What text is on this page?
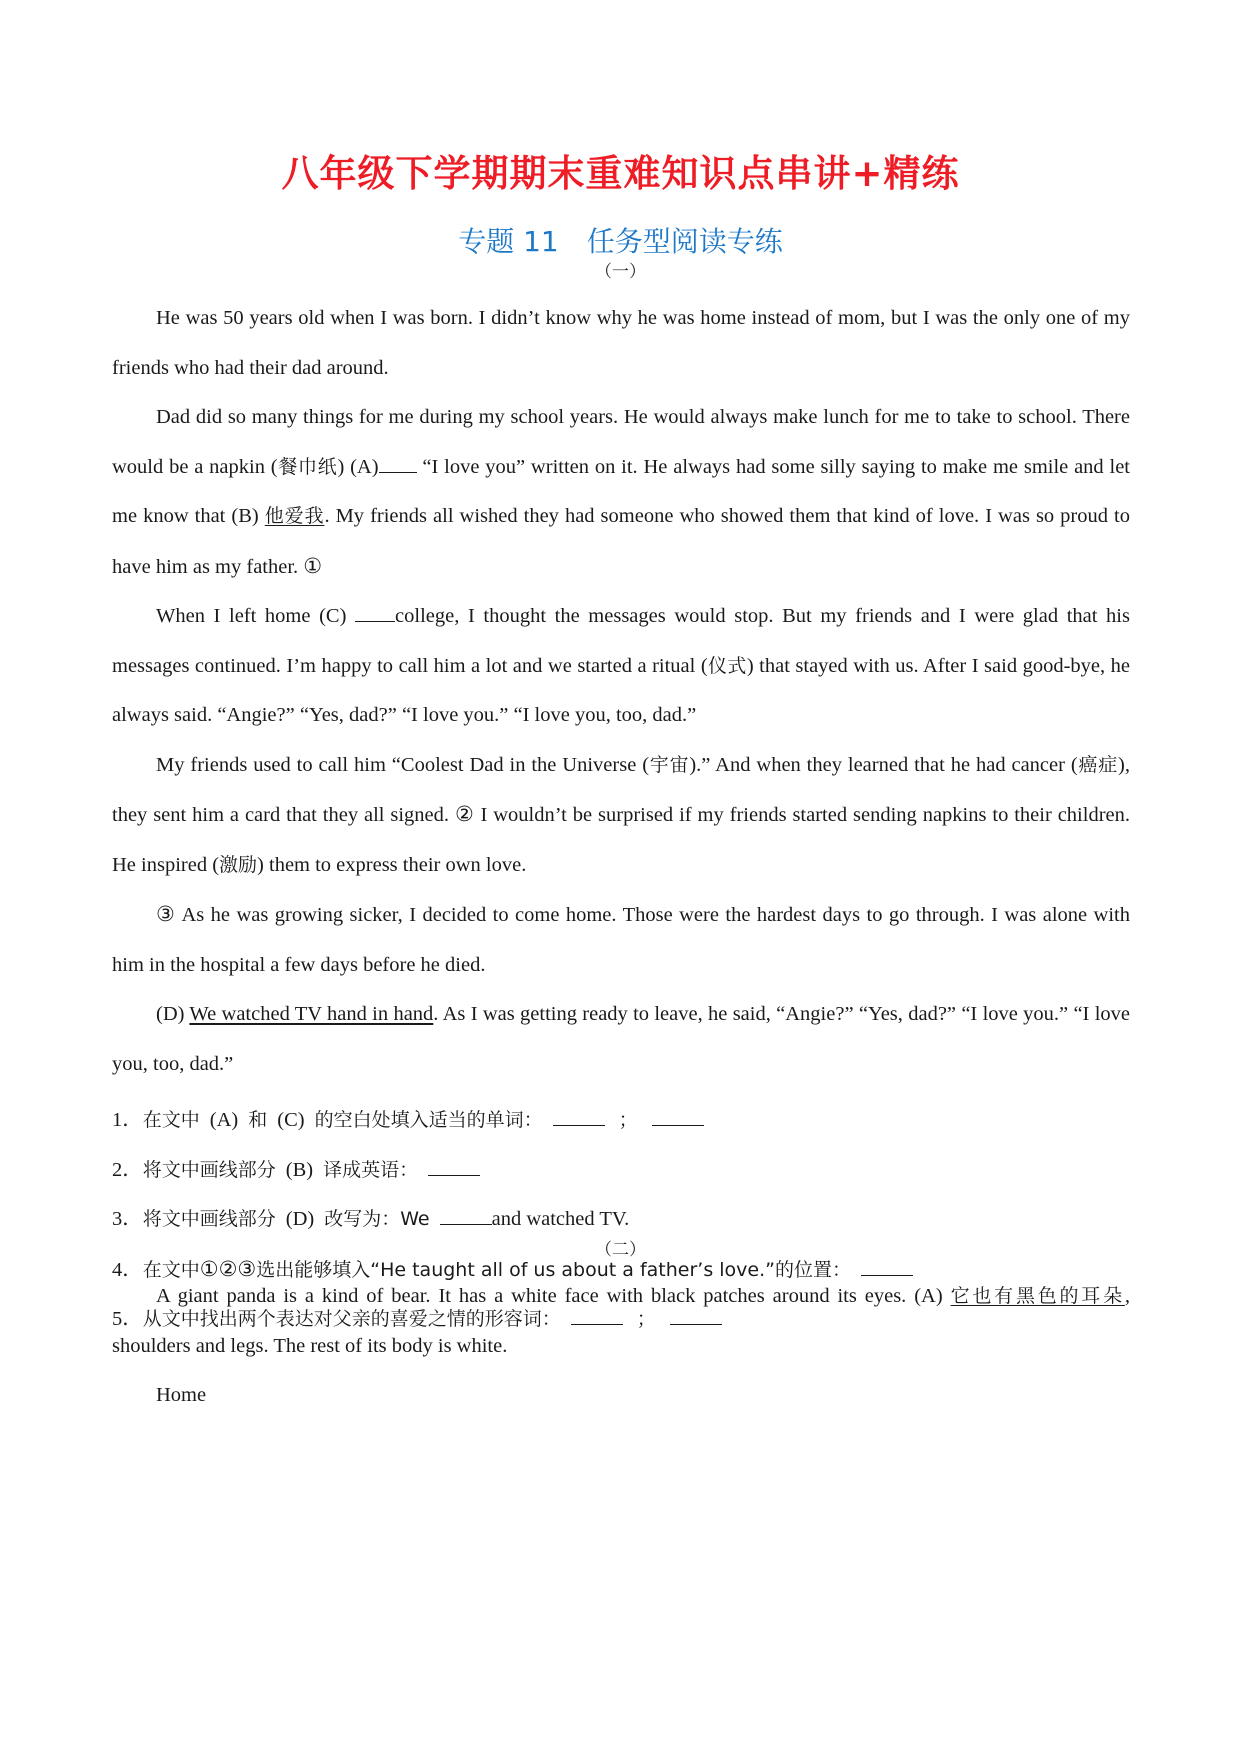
八年级下学期期末重难知识点串讲+精练
专题 11 任务型阅读专练
（一）

He was 50 years old when I was born. I didn’t know why he was home instead of mom, but I was the only one of my friends who had their dad around.

Dad did so many things for me during my school years. He would always make lunch for me to take to school. There would be a napkin (餐巾纸) (A) “I love you” written on it. He always had some silly saying to make me smile and let me know that (B) 他爱我. My friends all wished they had someone who showed them that kind of love. I was so proud to have him as my father. ①

When I left home (C) college, I thought the messages would stop. But my friends and I were glad that his messages continued. I’m happy to call him a lot and we started a ritual (仪式) that stayed with us. After I said good-bye, he always said. “Angie?” “Yes, dad?” “I love you.” “I love you, too, dad.”

My friends used to call him “Coolest Dad in the Universe (宇宙).” And when they learned that he had cancer (癌症), they sent him a card that they all signed. ② I wouldn’t be surprised if my friends started sending napkins to their children. He inspired (激励) them to express their own love.

③ As he was growing sicker, I decided to come home. Those were the hardest days to go through. I was alone with him in the hospital a few days before he died.

(D) We watched TV hand in hand. As I was getting ready to leave, he said, “Angie?” “Yes, dad?” “I love you.” “I love you, too, dad.”

1．在文中 (A) 和 (C) 的空白处填入适当的单词：	；
2．将文中画线部分 (B) 译成英语：
3．将文中画线部分 (D) 改写为：We	and watched TV.
4．在文中①②③选出能够填入“He taught all of us about a father’s love.”的位置：
5．从文中找出两个表达对父亲的喜爱之情的形容词：	；
（二）

A giant panda is a kind of bear. It has a white face with black patches around its eyes. (A) 它也有黑色的耳朵, shoulders and legs. The rest of its body is white.

Home
